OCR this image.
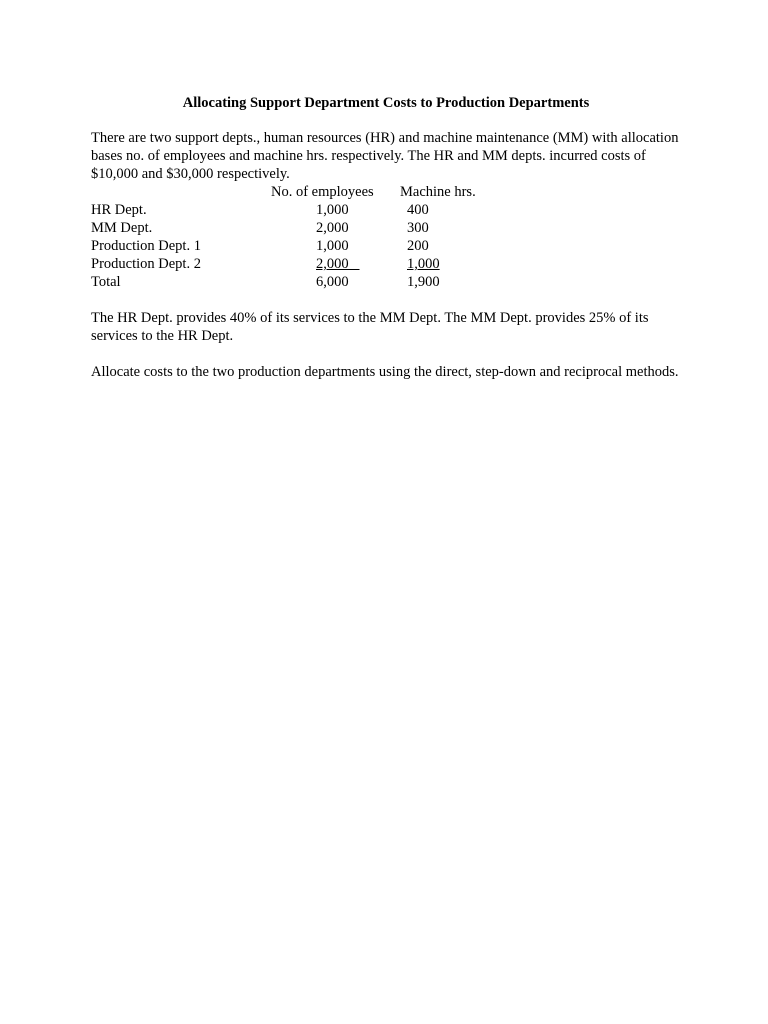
Allocating Support Department Costs to Production Departments

There are two support depts., human resources (HR) and machine maintenance (MM) with allocation bases no. of employees and machine hrs. respectively. The HR and MM depts. incurred costs of $10,000 and $30,000 respectively.

No. of employees Machine hrs.
HR Dept.	1,000	400
MM Dept.	2,000	300
Production Dept. 1	1,000	200
Production Dept. 2	2,000	1,000
Total	6,000	1,900

The HR Dept. provides 40% of its services to the MM Dept. The MM Dept. provides 25% of its services to the HR Dept.

Allocate costs to the two production departments using the direct, step-down and reciprocal methods.
